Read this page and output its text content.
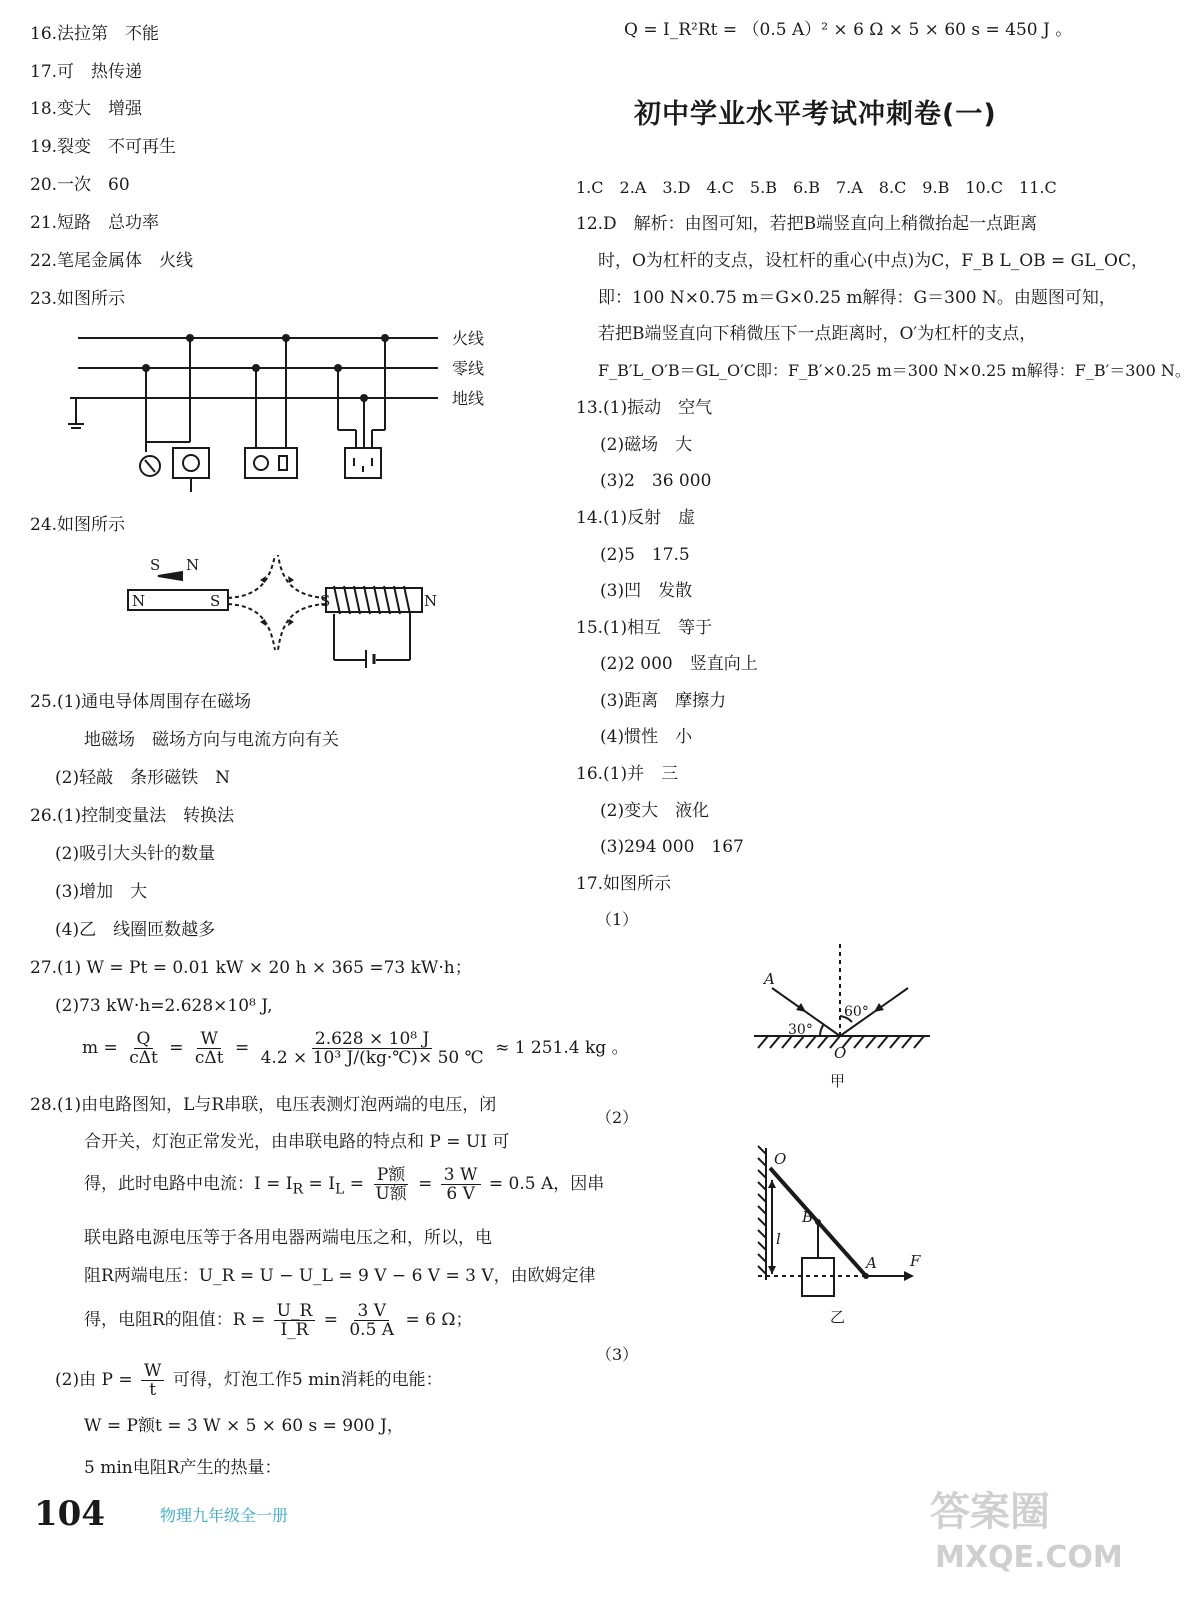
16.法拉第　不能
17.可　热传递
18.变大　增强
19.裂变　不可再生
20.一次　60
21.短路　总功率
22.笔尾金属体　火线
23.如图所示
火线
零线
地线
24.如图所示
S N
N	S	S	N
25.(1)通电导体周围存在磁场
地磁场　磁场方向与电流方向有关
(2)轻敲　条形磁铁　N
26.(1)控制变量法　转换法
(2)吸引大头针的数量
(3)增加　大
(4)乙　线圈匝数越多
27.(1) W = Pt = 0.01 kW × 20 h × 365 =73 kW·h；
(2)73 kW·h=2.628×10⁸ J,
$m = \frac{Q}{\text{cΔt}} = \frac{W}{\text{cΔt}} = \frac{\text{2.628 × 10⁸ J}}{\text{4.2 × 10³ J/(kg·℃)× 50 ℃}} \approx 1$ 251.4 kg 。
28.(1)由电路图知，L与R串联，电压表测灯泡两端的电压，闭
合开关，灯泡正常发光，由串联电路的特点和 P = UI 可
得，此时电路中电流：$I = I_R = I_L = \frac{\text{P额}}{\text{U额}} = \frac{3 W}{6 V} = 0.5$ A，因串
联电路电源电压等于各用电器两端电压之和，所以，电
阻R两端电压：U_R = U − U_L = 9 V − 6 V = 3 V，由欧姆定律
得，电阻R的阻值：$R = \frac{U\_R}{I\_R} = \frac{3 V}{0.5 A} = 6$ Ω；
(2)由 $P = \frac{W}{t}$ 可得，灯泡工作5 min消耗的电能：
W = P额t = 3 W × 5 × 60 s = 900 J，
5 min电阻R产生的热量：
Q = I_R²Rt = （0.5 A）² × 6 Ω × 5 × 60 s = 450 J 。
初中学业水平考试冲刺卷(一)
1.C　2.A　3.D　4.C　5.B　6.B　7.A　8.C　9.B　10.C　11.C
12.D　解析：由图可知，若把B端竖直向上稍微抬起一点距离
时，O为杠杆的支点，设杠杆的重心(中点)为C，F_B L_OB = GL_OC，
即：100 N×0.75 m＝G×0.25 m解得：G＝300 N。由题图可知，
若把B端竖直向下稍微压下一点距离时，O′为杠杆的支点，
F_B′L_O′B＝GL_O′C即：F_B′×0.25 m＝300 N×0.25 m解得：F_B′＝300 N。
13.(1)振动　空气
(2)磁场　大
(3)2　36 000
14.(1)反射　虚
(2)5　17.5
(3)凹　发散
15.(1)相互　等于
(2)2 000　竖直向上
(3)距离　摩擦力
(4)惯性　小
16.(1)并　三
(2)变大　液化
(3)294 000　167
17.如图所示
（1）
A
30°
60°
O
甲
（2）
O
B
l
A F
乙
（3）
104	物理九年级全一册	答案圈
MXQE.COM
